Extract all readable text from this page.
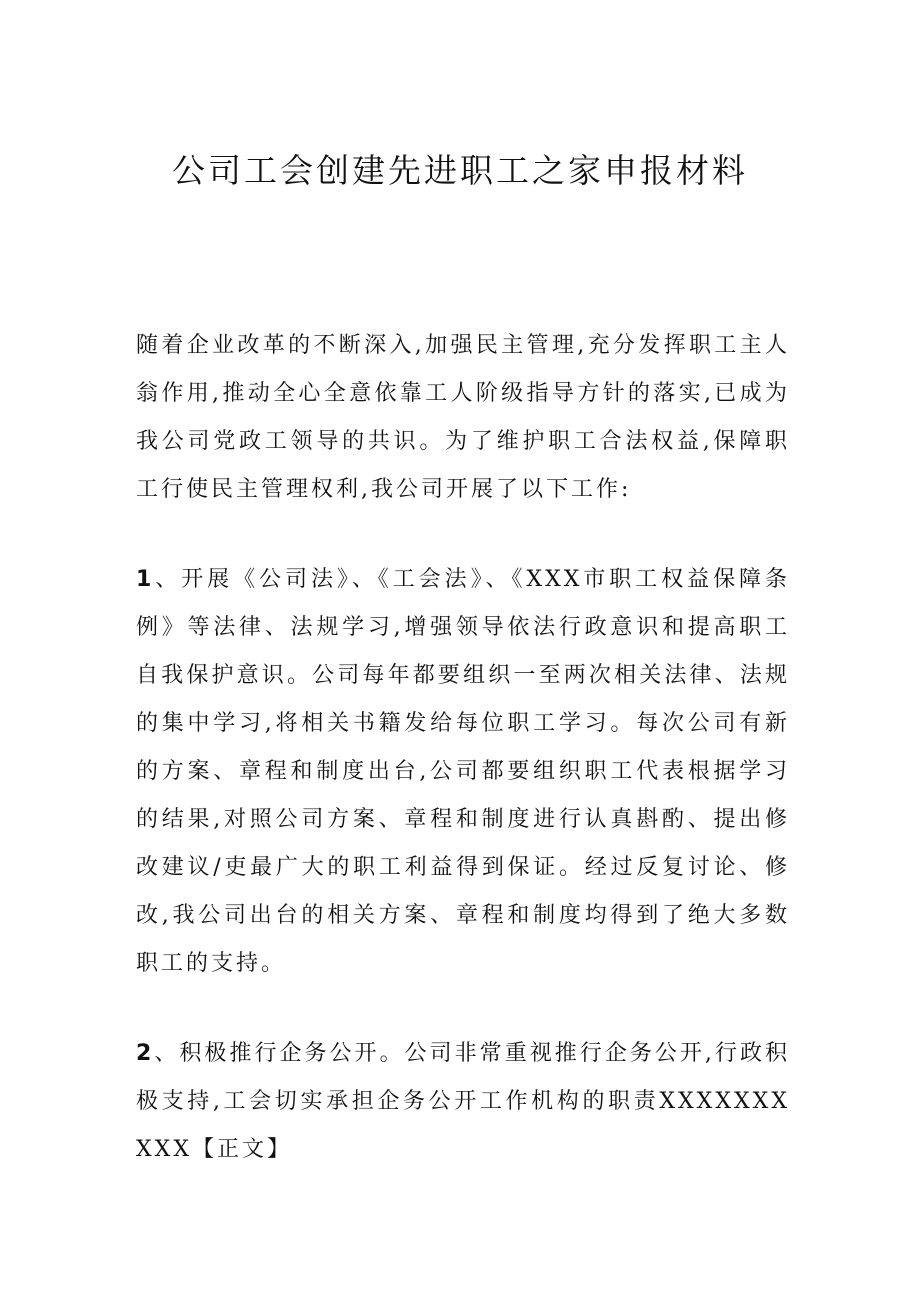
公司工会创建先进职工之家申报材料

随着企业改革的不断深入,加强民主管理,充分发挥职工主人翁作用,推动全心全意依靠工人阶级指导方针的落实,已成为我公司党政工领导的共识。为了维护职工合法权益,保障职工行使民主管理权利,我公司开展了以下工作:

1、开展《公司法》、《工会法》、《XXX市职工权益保障条例》等法律、法规学习,增强领导依法行政意识和提高职工自我保护意识。公司每年都要组织一至两次相关法律、法规的集中学习,将相关书籍发给每位职工学习。每次公司有新的方案、章程和制度出台,公司都要组织职工代表根据学习的结果,对照公司方案、章程和制度进行认真斟酌、提出修改建议/吏最广大的职工利益得到保证。经过反复讨论、修改,我公司出台的相关方案、章程和制度均得到了绝大多数职工的支持。

2、积极推行企务公开。公司非常重视推行企务公开,行政积极支持,工会切实承担企务公开工作机构的职责XXXXXXXXXX【正文】
